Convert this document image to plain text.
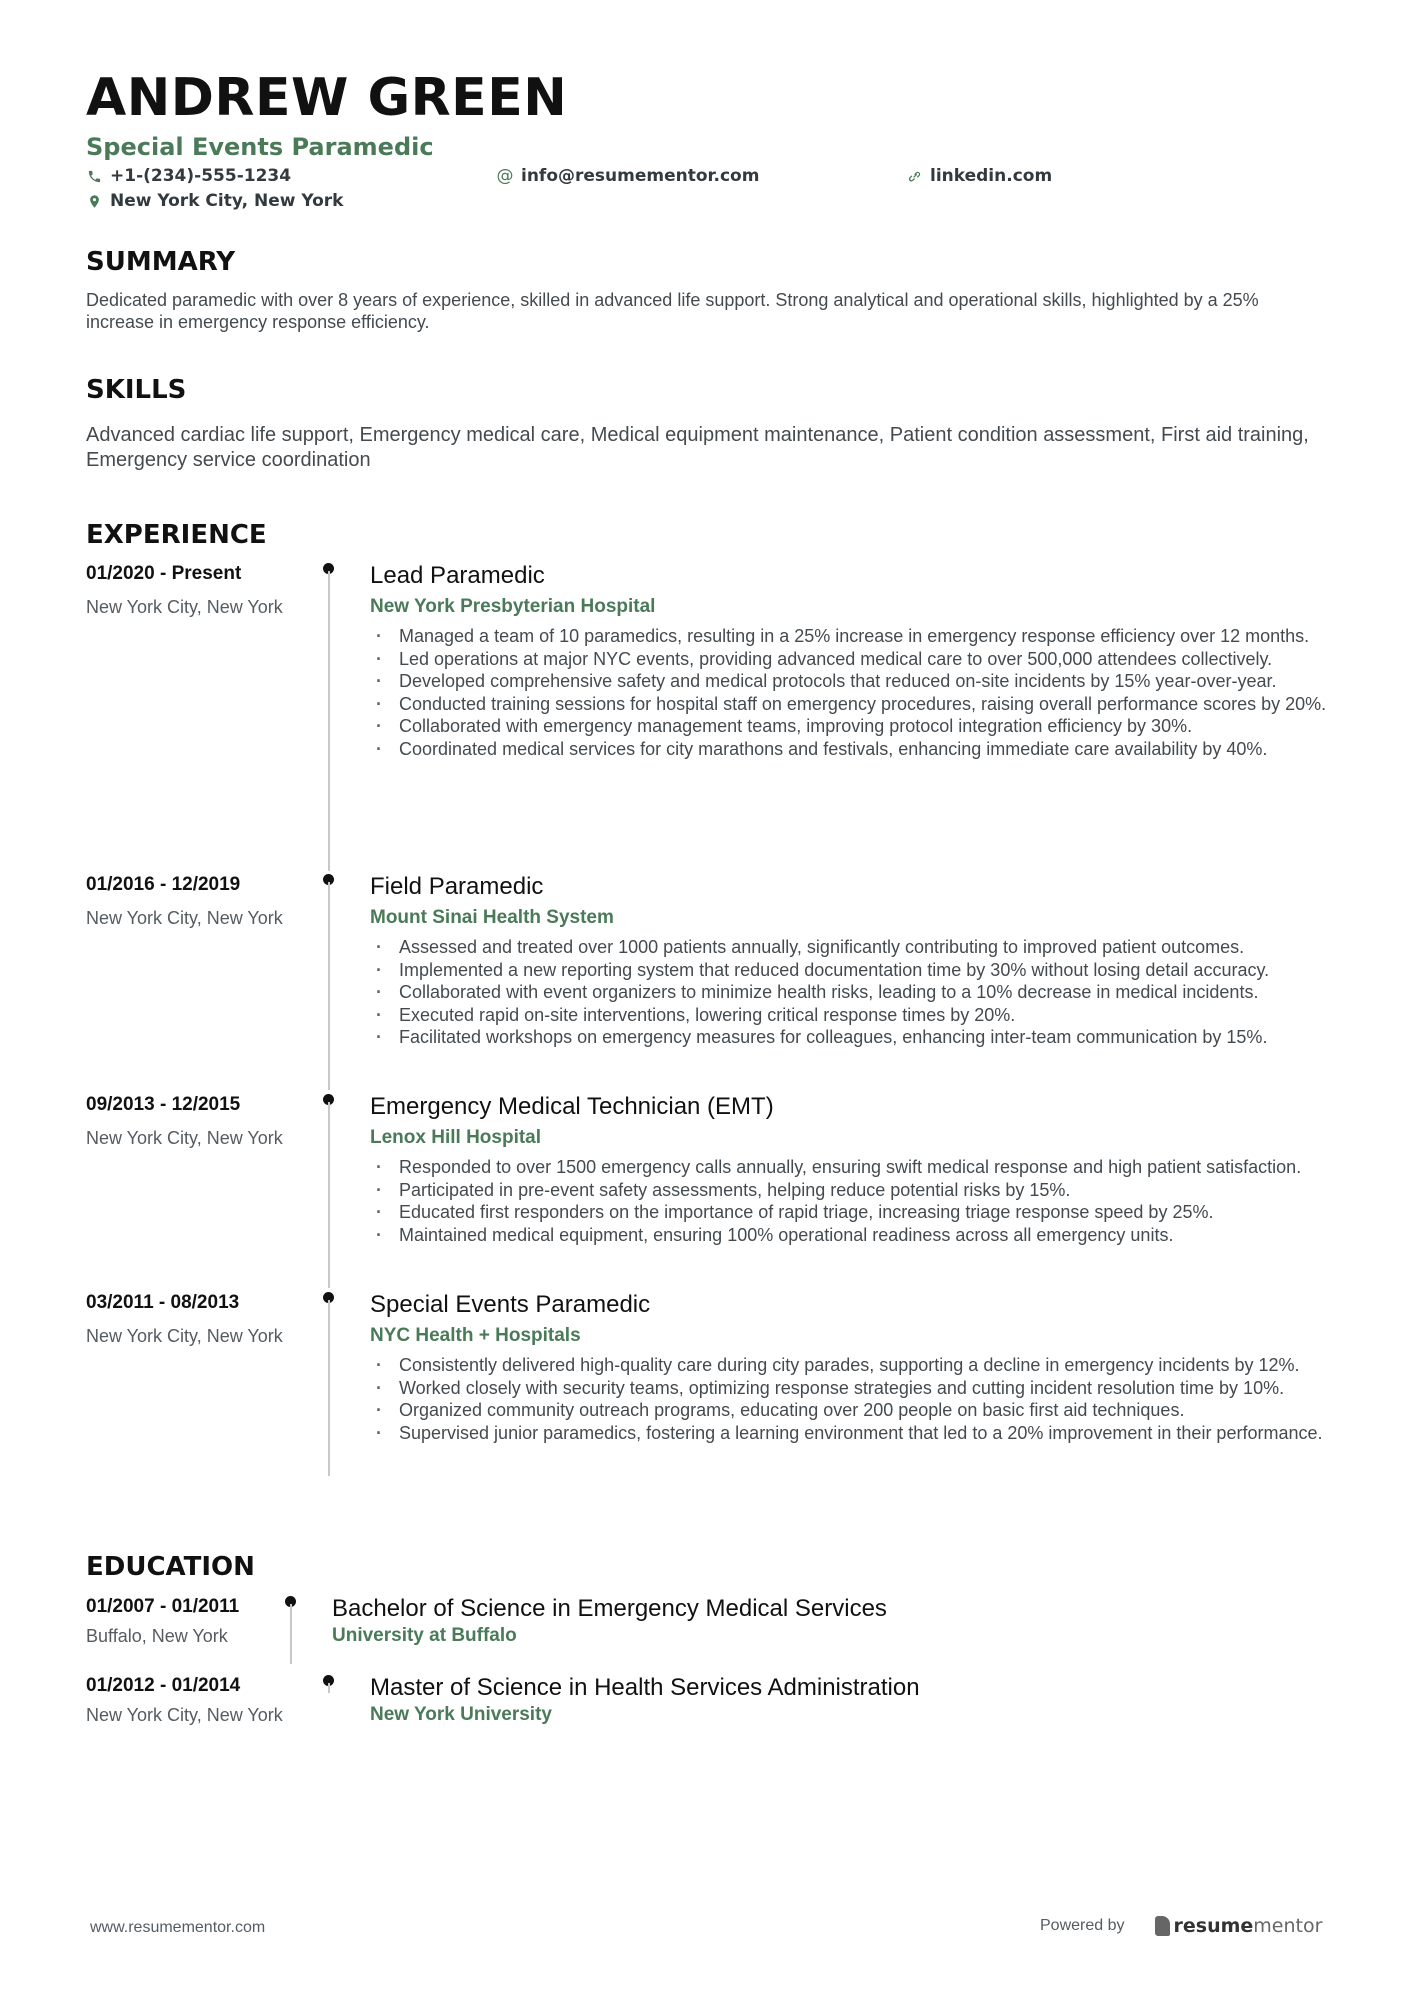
ANDREW GREEN
Special Events Paramedic
+1-(234)-555-1234	@ info@resumementor.com	linkedin.com
New York City, New York
SUMMARY
Dedicated paramedic with over 8 years of experience, skilled in advanced life support. Strong analytical and operational skills, highlighted by a 25% increase in emergency response efficiency.
SKILLS
Advanced cardiac life support, Emergency medical care, Medical equipment maintenance, Patient condition assessment, First aid training, Emergency service coordination
EXPERIENCE
01/2020 - Present
New York City, New York
Lead Paramedic
New York Presbyterian Hospital
· Managed a team of 10 paramedics, resulting in a 25% increase in emergency response efficiency over 12 months.
· Led operations at major NYC events, providing advanced medical care to over 500,000 attendees collectively.
· Developed comprehensive safety and medical protocols that reduced on-site incidents by 15% year-over-year.
· Conducted training sessions for hospital staff on emergency procedures, raising overall performance scores by 20%.
· Collaborated with emergency management teams, improving protocol integration efficiency by 30%.
· Coordinated medical services for city marathons and festivals, enhancing immediate care availability by 40%.
01/2016 - 12/2019
New York City, New York
Field Paramedic
Mount Sinai Health System
· Assessed and treated over 1000 patients annually, significantly contributing to improved patient outcomes.
· Implemented a new reporting system that reduced documentation time by 30% without losing detail accuracy.
· Collaborated with event organizers to minimize health risks, leading to a 10% decrease in medical incidents.
· Executed rapid on-site interventions, lowering critical response times by 20%.
· Facilitated workshops on emergency measures for colleagues, enhancing inter-team communication by 15%.
09/2013 - 12/2015
New York City, New York
Emergency Medical Technician (EMT)
Lenox Hill Hospital
· Responded to over 1500 emergency calls annually, ensuring swift medical response and high patient satisfaction.
· Participated in pre-event safety assessments, helping reduce potential risks by 15%.
· Educated first responders on the importance of rapid triage, increasing triage response speed by 25%.
· Maintained medical equipment, ensuring 100% operational readiness across all emergency units.
03/2011 - 08/2013
New York City, New York
Special Events Paramedic
NYC Health + Hospitals
· Consistently delivered high-quality care during city parades, supporting a decline in emergency incidents by 12%.
· Worked closely with security teams, optimizing response strategies and cutting incident resolution time by 10%.
· Organized community outreach programs, educating over 200 people on basic first aid techniques.
· Supervised junior paramedics, fostering a learning environment that led to a 20% improvement in their performance.
EDUCATION
01/2007 - 01/2011
Buffalo, New York
Bachelor of Science in Emergency Medical Services
University at Buffalo
01/2012 - 01/2014
New York City, New York
Master of Science in Health Services Administration
New York University
www.resumementor.com	Powered by	resume mentor
